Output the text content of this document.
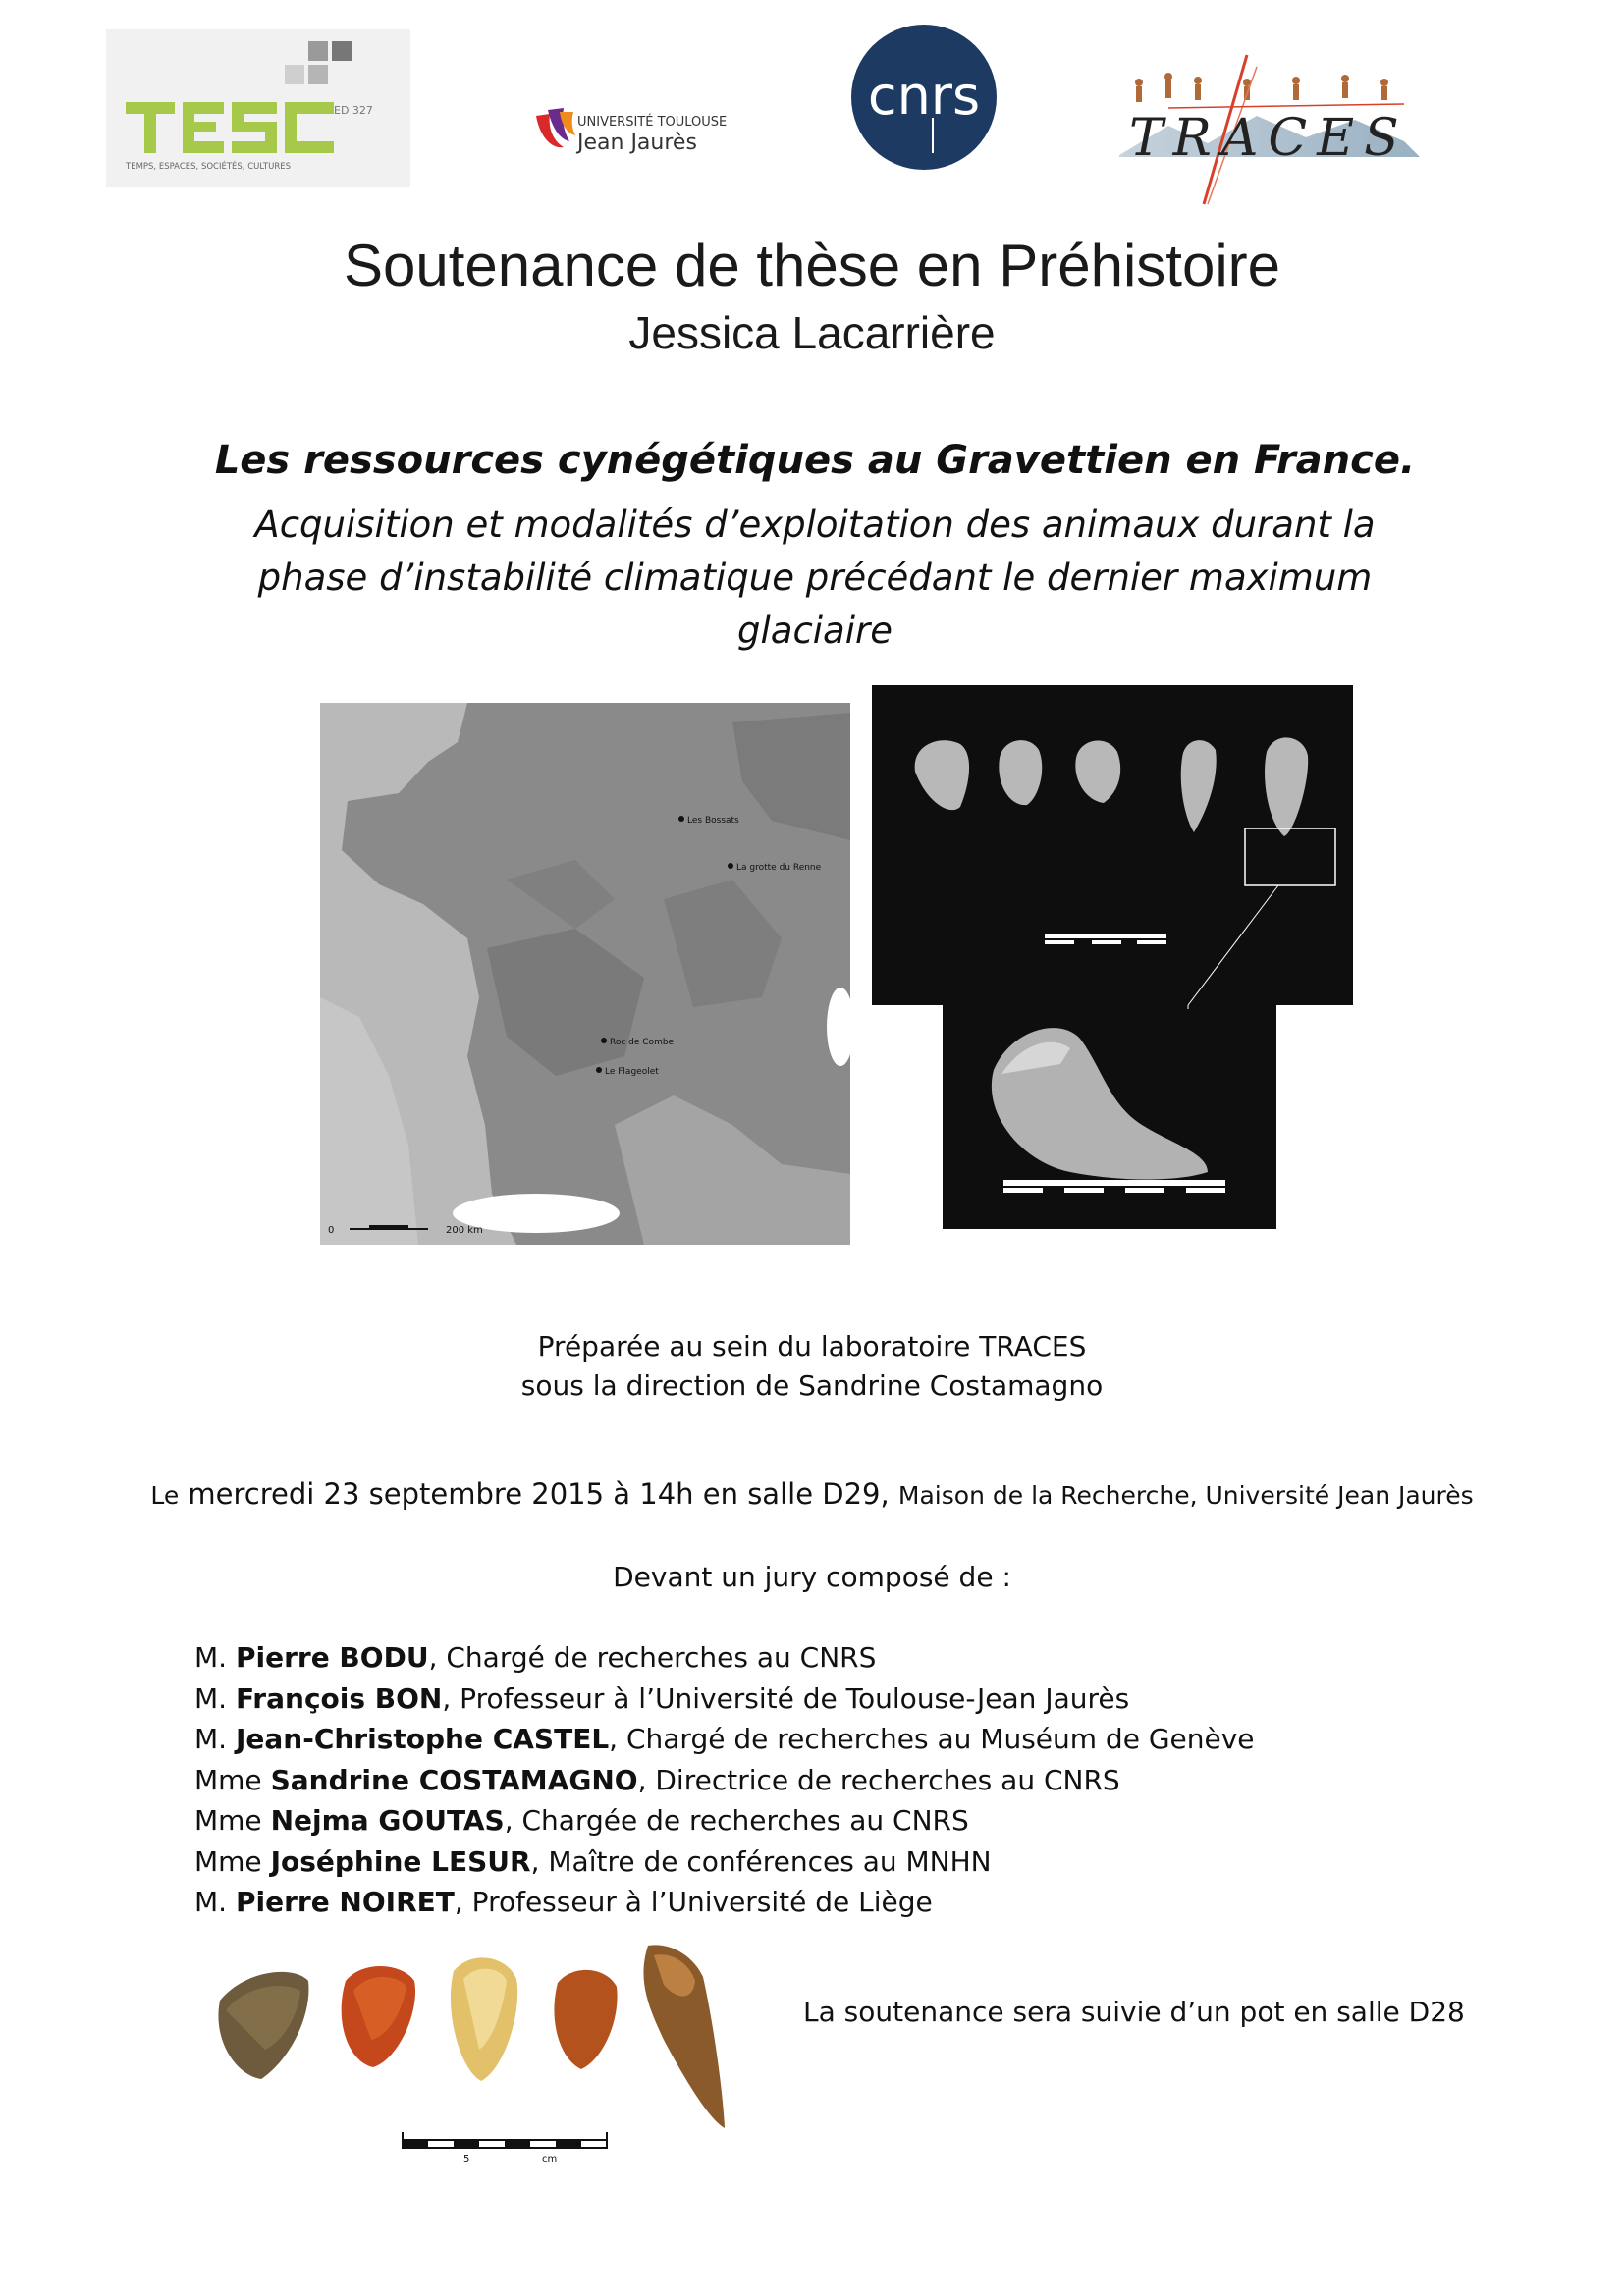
ED 327
TEMPS, ESPACES, SOCIÉTÉS, CULTURES
UNIVERSITÉ TOULOUSE
Jean Jaurès
cnrs
TRACES
Soutenance de thèse en Préhistoire
Jessica Lacarrière
Les ressources cynégétiques au Gravettien en France.
Acquisition et modalités d’exploitation des animaux durant la phase d’instabilité climatique précédant le dernier maximum glaciaire
Les Bossats
La grotte du Renne
Roc de Combe
Le Flageolet
0	200 km
Préparée au sein du laboratoire TRACES
sous la direction de Sandrine Costamagno
Le mercredi 23 septembre 2015 à 14h en salle D29, Maison de la Recherche, Université Jean Jaurès
Devant un jury composé de :
M. Pierre BODU, Chargé de recherches au CNRS
M. François BON, Professeur à l’Université de Toulouse-Jean Jaurès
M. Jean-Christophe CASTEL, Chargé de recherches au Muséum de Genève
Mme Sandrine COSTAMAGNO, Directrice de recherches au CNRS
Mme Nejma GOUTAS, Chargée de recherches au CNRS
Mme Joséphine LESUR, Maître de conférences au MNHN
M. Pierre NOIRET, Professeur à l’Université de Liège
5	cm
La soutenance sera suivie d’un pot en salle D28
